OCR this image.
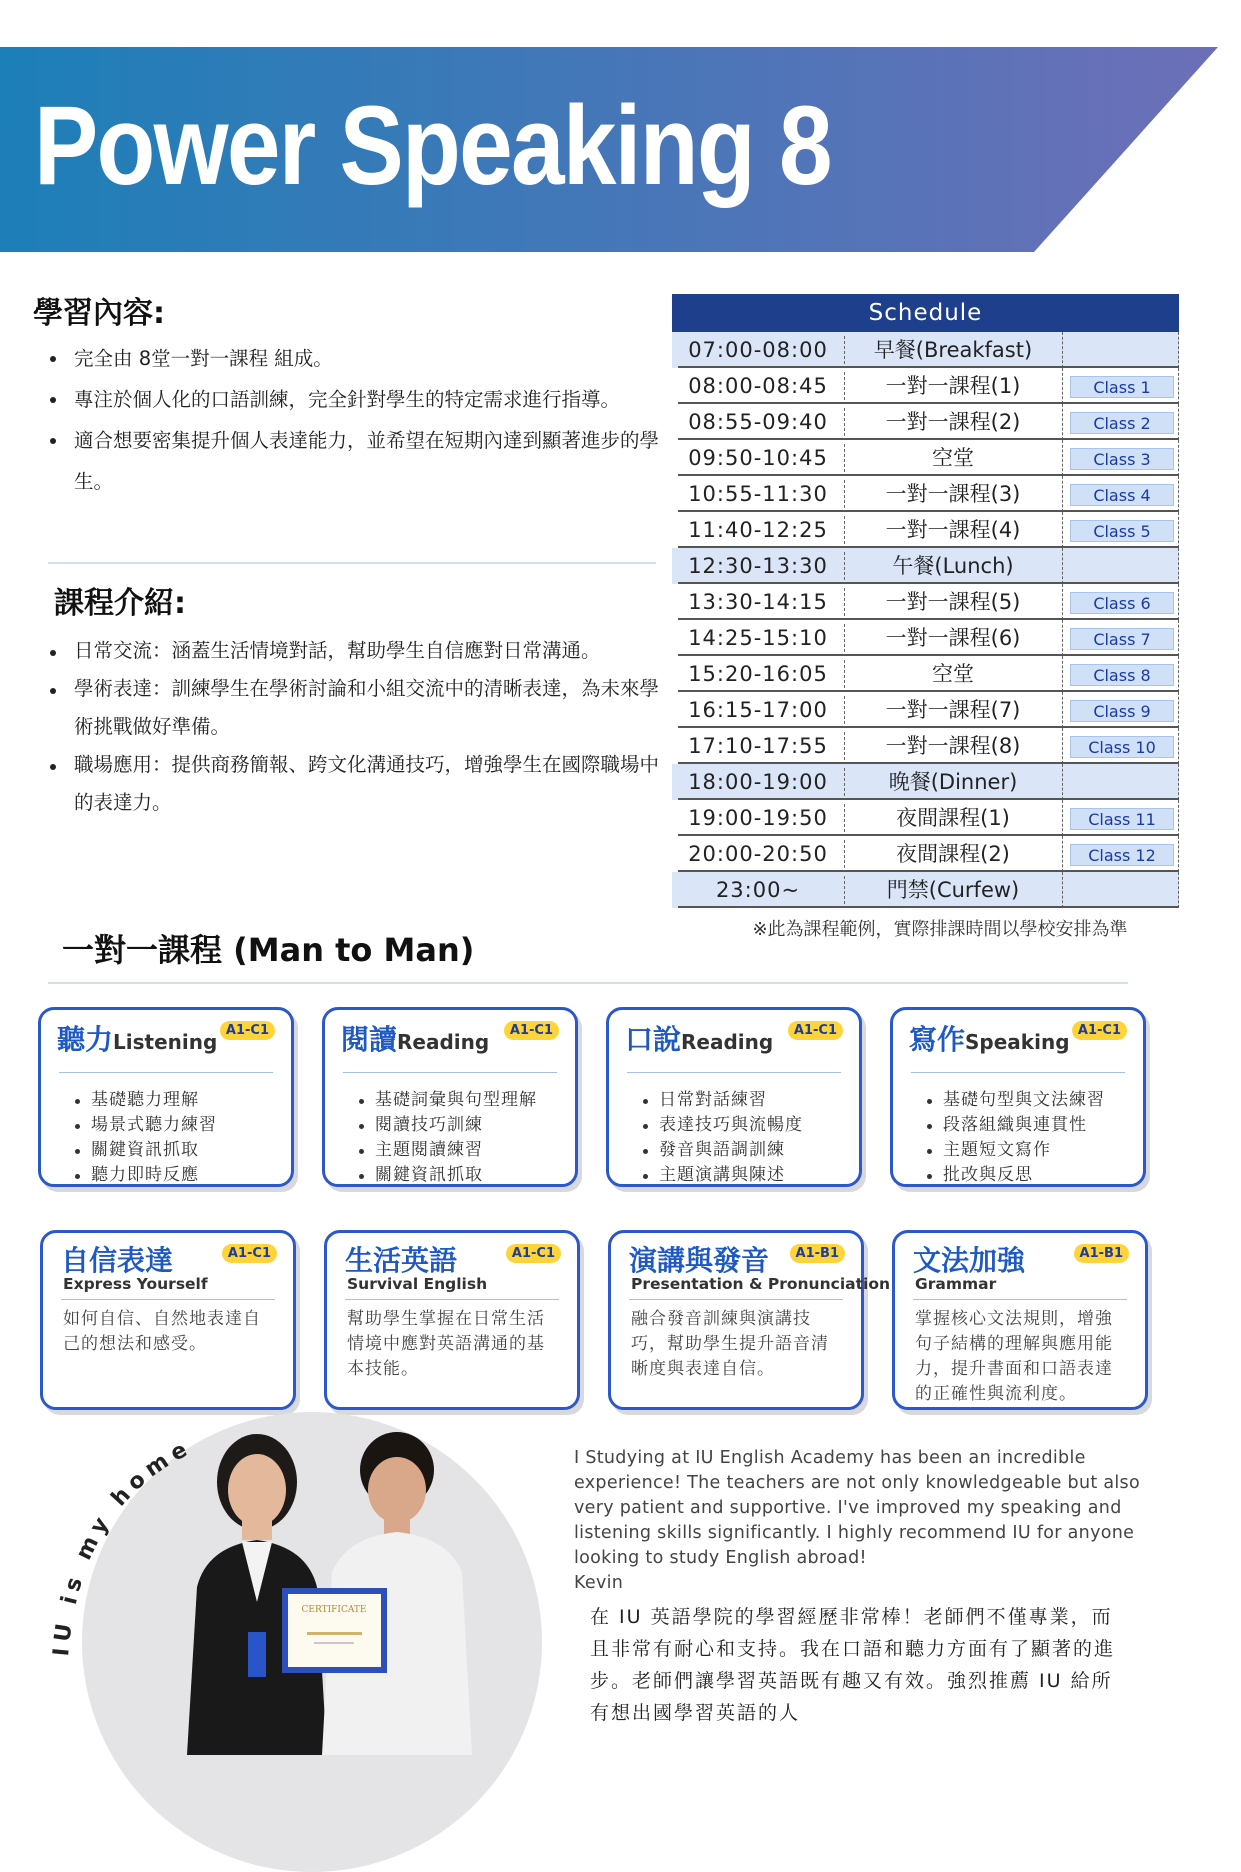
Power Speaking 8
學習內容:
完全由 8堂一對一課程 組成。
專注於個人化的口語訓練，完全針對學生的特定需求進行指導。
適合想要密集提升個人表達能力，並希望在短期內達到顯著進步的學生。
課程介紹:
日常交流：涵蓋生活情境對話，幫助學生自信應對日常溝通。
學術表達：訓練學生在學術討論和小組交流中的清晰表達，為未來學術挑戰做好準備。
職場應用：提供商務簡報、跨文化溝通技巧，增強學生在國際職場中的表達力。
Schedule
07:00-08:00	早餐(Breakfast)
08:00-08:45	一對一課程(1)	Class 1
08:55-09:40	一對一課程(2)	Class 2
09:50-10:45	空堂	Class 3
10:55-11:30	一對一課程(3)	Class 4
11:40-12:25	一對一課程(4)	Class 5
12:30-13:30	午餐(Lunch)
13:30-14:15	一對一課程(5)	Class 6
14:25-15:10	一對一課程(6)	Class 7
15:20-16:05	空堂	Class 8
16:15-17:00	一對一課程(7)	Class 9
17:10-17:55	一對一課程(8)	Class 10
18:00-19:00	晚餐(Dinner)
19:00-19:50	夜間課程(1)	Class 11
20:00-20:50	夜間課程(2)	Class 12
23:00~	門禁(Curfew)
※此為課程範例，實際排課時間以學校安排為準
一對一課程 (Man to Man)
聽力Listening A1-C1
基礎聽力理解
場景式聽力練習
關鍵資訊抓取
聽力即時反應
閱讀Reading	A1-C1
基礎詞彙與句型理解
閱讀技巧訓練
主題閱讀練習
關鍵資訊抓取
口說Reading	A1-C1
日常對話練習
表達技巧與流暢度
發音與語調訓練
主題演講與陳述
寫作Speaking A1-C1
基礎句型與文法練習
段落組織與連貫性
主題短文寫作
批改與反思
自信表達	A1-C1
Express Yourself
如何自信、自然地表達自己的想法和感受。
生活英語	A1-C1
Survival English
幫助學生掌握在日常生活情境中應對英語溝通的基本技能。
演講與發音	A1-B1
Presentation & Pronunciation
融合發音訓練與演講技巧，幫助學生提升語音清晰度與表達自信。
文法加強	A1-B1
Grammar
掌握核心文法規則，增強句子結構的理解與應用能力，提升書面和口語表達的正確性與流利度。
CERTIFICATE
IU is my home	I Studying at IU English Academy has been an incredible experience! The teachers are not only knowledgeable but also very patient and supportive. I've improved my speaking and listening skills significantly. I highly recommend IU for anyone looking to study English abroad!
Kevin
在 IU 英語學院的學習經歷非常棒！老師們不僅專業，而且非常有耐心和支持。我在口語和聽力方面有了顯著的進步。老師們讓學習英語既有趣又有效。強烈推薦 IU 給所有想出國學習英語的人
